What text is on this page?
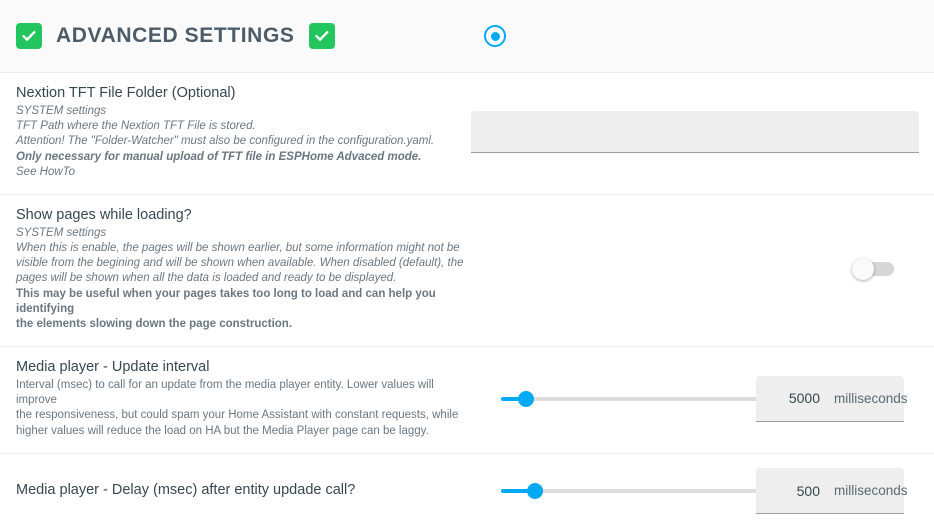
ADVANCED SETTINGS
Nextion TFT File Folder (Optional)
SYSTEM settings
TFT Path where the Nextion TFT File is stored.
Attention! The "Folder-Watcher" must also be configured in the configuration.yaml.
Only necessary for manual upload of TFT file in ESPHome Advaced mode.
See HowTo
Show pages while loading?
SYSTEM settings
When this is enable, the pages will be shown earlier, but some information might not be
visible from the begining and will be shown when available. When disabled (default), the
pages will be shown when all the data is loaded and ready to be displayed.
This may be useful when your pages takes too long to load and can help you identifying
the elements slowing down the page construction.
Media player - Update interval
Interval (msec) to call for an update from the media player entity. Lower values will improve
the responsiveness, but could spam your Home Assistant with constant requests, while
higher values will reduce the load on HA but the Media Player page can be laggy.
5000
milliseconds
Media player - Delay (msec) after entity updade call?
500	milliseconds
